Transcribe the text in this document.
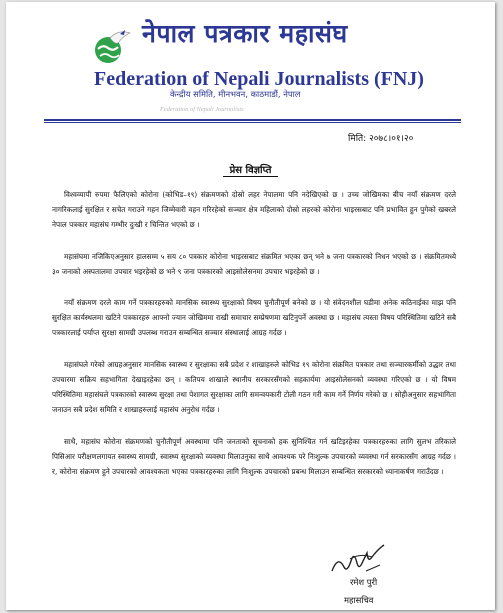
नेपाल पत्रकार महासंघ
Federation of Nepali Journalists (FNJ)
केन्द्रीय समिति, मीनभवन, काठमाडौं, नेपाल
Federation of Nepali Journalists
मिति: २०७८।०१।२०
प्रेस विज्ञप्ति

विश्वव्यापी रुपमा फैलिएको कोरोना (कोभिड–१९) संक्रमणको दोस्रो लहर नेपालमा पनि नदेखिएको छ । उच्च जोखिमका बीच नयाँ संक्रमण दरले नागरिकलाई सुरक्षित र सचेत गराउने गहन जिम्मेवारी वहन गरिरहेको सञ्चार क्षेत्र महिलाको दोस्रो लहरको कोरोना भाइरसबाट पनि प्रभावित हुन पुगेको खबरले नेपाल पत्रकार महासंघ गम्भीर दुःखी र चिन्तित भएको छ ।

महासंघमा नजिकिएअनुसार हालसम्म ५ सय ८० पत्रकार कोरोना भाइरसबाट संक्रमित भएका छन् भने ७ जना पत्रकारको निधन भएको छ । संक्रमितमध्ये ३० जनाको अस्पतालमा उपचार भइरहेको छ भने ९ जना पत्रकारको आइसोलेसनमा उपचार भइरहेको छ ।

नयाँ संक्रमण दरले काम गर्ने पत्रकारहरुको मानसिक स्वास्थ्य सुरक्षाको विषय चुनौतीपूर्ण बनेको छ । यो संवेदनशील घडीमा अनेक कठिनाईका माझ पनि सुरक्षित कार्यस्थलमा खटिने पत्रकारहरु आफ्नो ज्यान जोखिममा राखी समाचार सम्प्रेषणमा खटिनुपर्ने अवस्था छ । महासंघ त्यस्ता विषय परिस्थितिमा खटिने सबै पत्रकारलाई पर्याप्त सुरक्षा सामग्री उपलब्ध गराउन सम्बन्धित सञ्चार संस्थालाई आग्रह गर्दछ ।

महासंघले गरेको आग्रहअनुसार मानसिक स्वास्थ्य र सुरक्षाका सबै प्रदेश र शाखाहरुले कोभिड १९ कोरोना संक्रमित पत्रकार तथा सञ्चारकर्मीको उद्धार तथा उपचारमा सक्रिय सहभागिता देखाइरहेका छन् । कतिपय शाखाले स्थानीय सरकारसँगको सहकार्यमा आइसोलेसनको व्यवस्था गरिएको छ । यो विषम परिस्थितिमा महासंघले पत्रकारको स्वास्थ्य सुरक्षा तथा पेशागत सुरक्षाका लागि समन्वयकारी टोली गठन गरी काम गर्ने निर्णय गरेको छ । सोहीअनुसार सहभागिता जनाउन सबै प्रदेश समिति र शाखाहरुलाई महासंघ अनुरोध गर्दछ ।

साथै, महासंघ कोरोना संक्रमणको चुनौतीपूर्ण अवस्थामा पनि जनताको सूचनाको हक सुनिश्चित गर्न खटिइरहेका पत्रकारहरुका लागि सुलभ तरिकाले पिसिआर परीक्षणलगायत स्वास्थ्य सामग्री, स्वास्थ्य सुरक्षाको व्यवस्था मिलाउनुका साथै आवश्यक परे निःशुल्क उपचारको व्यवस्था गर्न सरकारसँग आग्रह गर्दछ । र, कोरोना संक्रमण हुने उपचारको आवश्यकता भएका पत्रकारहरुका लागि निःशुल्क उपचारको प्रबन्ध मिलाउन सम्बन्धित सरकारको ध्यानाकर्षण गराउँदछ ।

रमेश पुरी
महासचिव
